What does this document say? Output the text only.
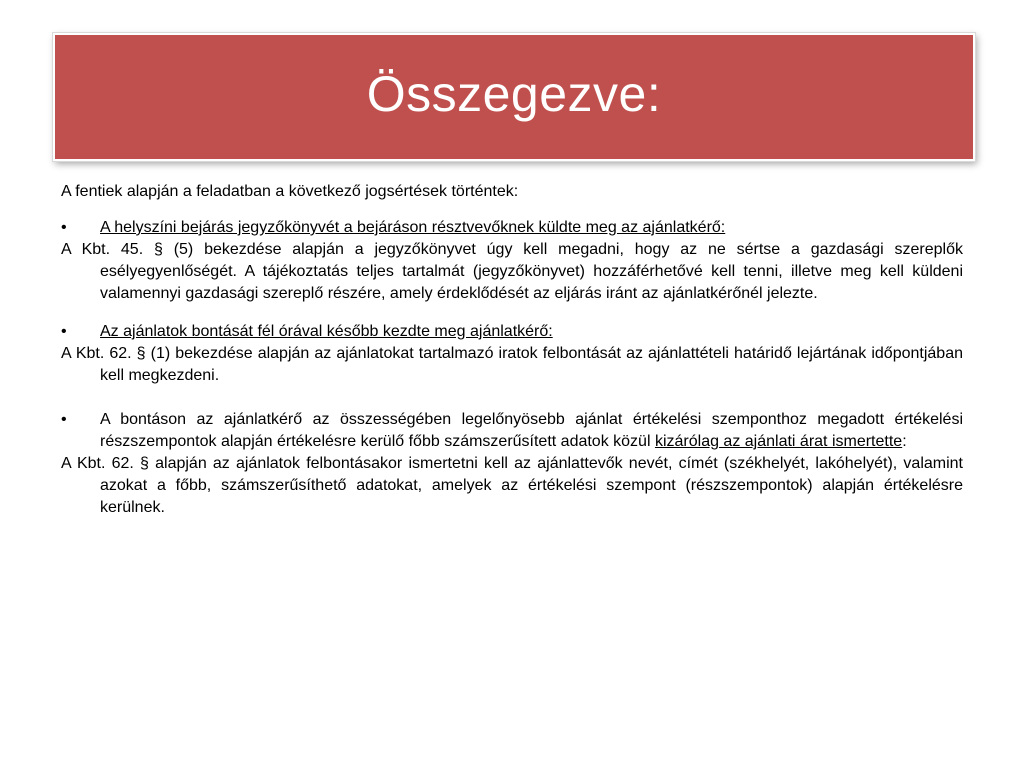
Összegezve:

A fentiek alapján a feladatban a következő jogsértések történtek:

•	A helyszíni bejárás jegyzőkönyvét a bejáráson résztvevőknek küldte meg az ajánlatkérő:

A Kbt. 45. § (5) bekezdése alapján a jegyzőkönyvet úgy kell megadni, hogy az ne sértse a gazdasági szereplők esélyegyenlőségét. A tájékoztatás teljes tartalmát (jegyzőkönyvet) hozzáférhetővé kell tenni, illetve meg kell küldeni valamennyi gazdasági szereplő részére, amely érdeklődését az eljárás iránt az ajánlatkérőnél jelezte.

•	Az ajánlatok bontását fél órával később kezdte meg ajánlatkérő:

A Kbt. 62. § (1) bekezdése alapján az ajánlatokat tartalmazó iratok felbontását az ajánlattételi határidő lejártának időpontjában kell megkezdeni.

•	A bontáson az ajánlatkérő az összességében legelőnyösebb ajánlat értékelési szemponthoz megadott értékelési részszempontok alapján értékelésre kerülő főbb számszerűsített adatok közül kizárólag az ajánlati árat ismertette:

A Kbt. 62. § alapján az ajánlatok felbontásakor ismertetni kell az ajánlattevők nevét, címét (székhelyét, lakóhelyét), valamint azokat a főbb, számszerűsíthető adatokat, amelyek az értékelési szempont (részszempontok) alapján értékelésre kerülnek.
